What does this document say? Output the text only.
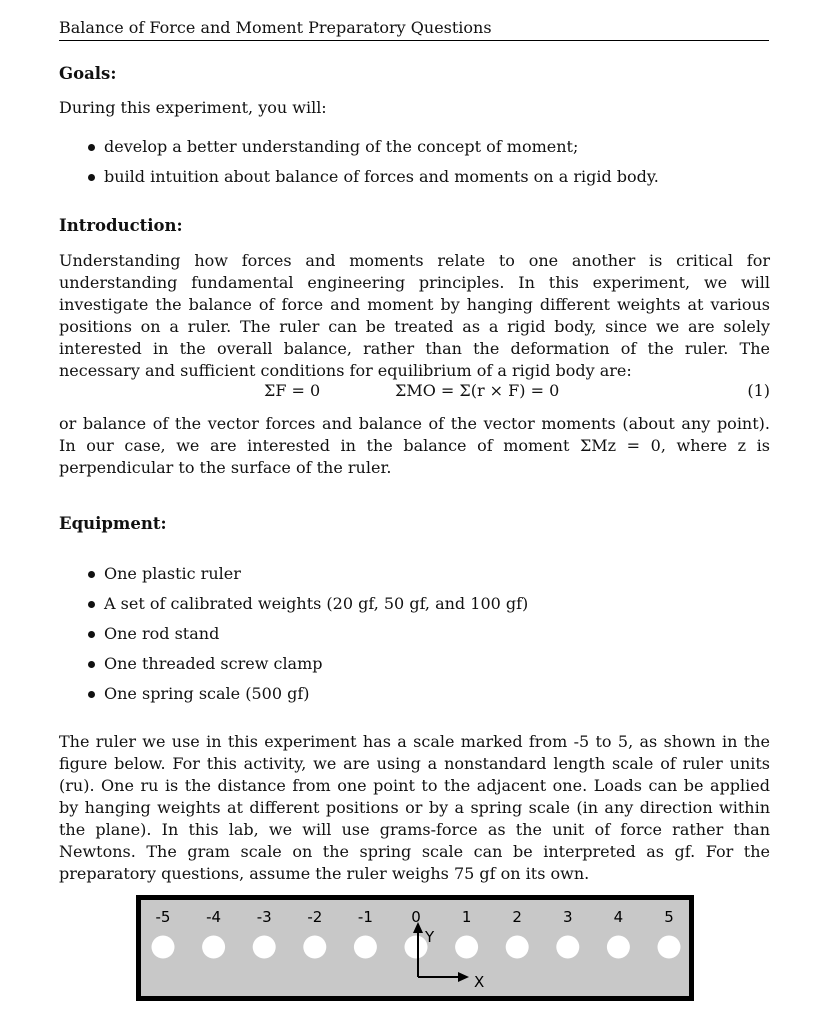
Balance of Force and Moment Preparatory Questions
Goals:

During this experiment, you will:

develop a better understanding of the concept of moment;
build intuition about balance of forces and moments on a rigid body.
Introduction:

Understanding how forces and moments relate to one another is critical for understanding fundamental engineering principles. In this experiment, we will investigate the balance of force and moment by hanging different weights at various positions on a ruler. The ruler can be treated as a rigid body, since we are solely interested in the overall balance, rather than the deformation of the ruler. The necessary and sufficient conditions for equilibrium of a rigid body are:

ΣF = 0	ΣMO = Σ(r × F) = 0	(1)

or balance of the vector forces and balance of the vector moments (about any point). In our case, we are interested in the balance of moment ΣMz = 0, where z is perpendicular to the surface of the ruler.

Equipment:
One plastic ruler
A set of calibrated weights (20 gf, 50 gf, and 100 gf)
One rod stand
One threaded screw clamp
One spring scale (500 gf)

The ruler we use in this experiment has a scale marked from -5 to 5, as shown in the figure below. For this activity, we are using a nonstandard length scale of ruler units (ru). One ru is the distance from one point to the adjacent one. Loads can be applied by hanging weights at different positions or by a spring scale (in any direction within the plane). In this lab, we will use grams-force as the unit of force rather than Newtons. The gram scale on the spring scale can be interpreted as gf. For the preparatory questions, assume the ruler weighs 75 gf on its own.

-5 -4 -3 -2 -1	0	1	2	3	4	5
Y
X
